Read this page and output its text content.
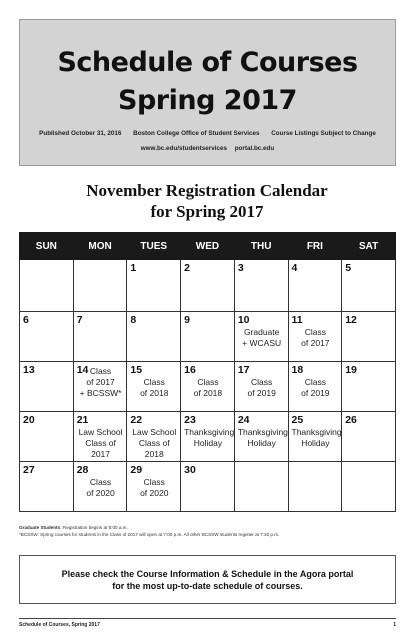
Schedule of Courses
Spring 2017
Published October 31, 2016 Boston College Office of Student Services Course Listings Subject to Change
www.bc.edu/studentservices portal.bc.edu
November Registration Calendar
for Spring 2017
SUN	MON	TUES	WED	THU	FRI	SAT

		1	2	3	4	5

6	7	8	9	10
Graduate
+ WCASU	11
Class
of 2017	12

13	14 Class
of 2017
+ BCSSW*	15
Class
of 2018	16
Class
of 2018	17
Class
of 2019	18
Class
of 2019	19

20	21
Law School
Class of 2017	22
Law School
Class of 2018	23
Thanksgiving
Holiday	24
Thanksgiving
Holiday	25
Thanksgiving
Holiday	26

27	28
Class
of 2020	29
Class
of 2020	30			

Graduate Students: Registration begins at 8:00 a.m.
*BCSSW: Spring courses for students in the Class of 2017 will open at 7:00 p.m. All other BCSSW students register at 7:30 p.m.
Please check the Course Information & Schedule in the Agora portal
for the most up-to-date schedule of courses.
Schedule of Courses, Spring 2017	1
